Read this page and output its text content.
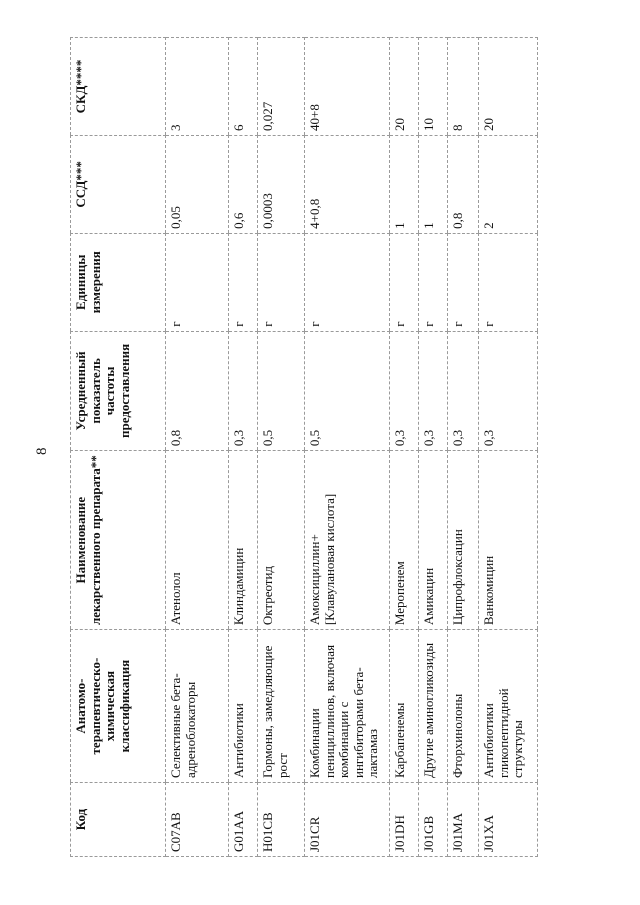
8
Код	Анатомо-терапевтическо-химическая классификация	Наименование лекарственного препарата**	Усредненный показатель частоты предоставления	Единицы измерения	ССД***	СКД****
C07AB	Селективные бета-адреноблокаторы	Атенолол	0,8	г	0,05	3
G01AA	Антибиотики	Клиндамицин	0,3	г	0,6	6
H01CB	Гормоны, замедляющие рост	Октреотид	0,5	г	0,0003	0,027
J01CR	Комбинации пенициллинов, включая комбинации с ингибиторами бета-лактамаз	Амоксициллин+ [Клавулановая кислота]	0,5	г	4+0,8	40+8
J01DH	Карбапенемы	Меропенем	0,3	г	1	20
J01GB	Другие аминогликозиды	Амикацин	0,3	г	1	10
J01MA	Фторхинолоны	Ципрофлоксацин	0,3	г	0,8	8
J01XA	Антибиотики гликопептидной структуры	Ванкомицин	0,3	г	2	20
